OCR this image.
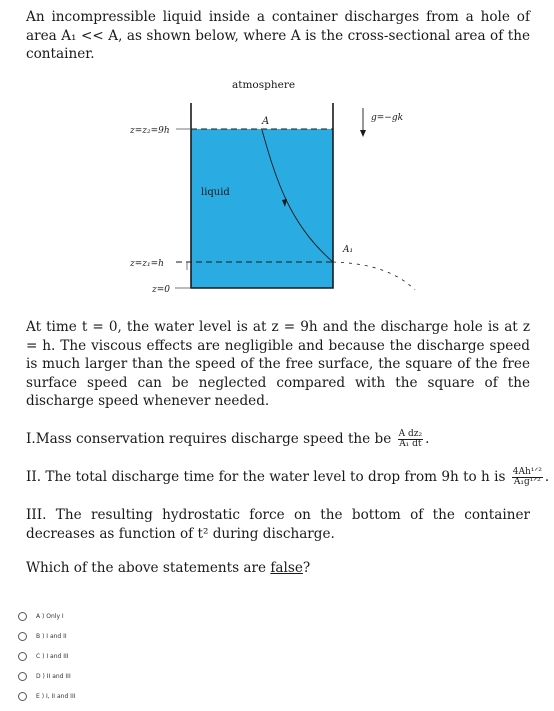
An incompressible liquid inside a container discharges from a hole of area A₁ << A, as shown below, where A is the cross-sectional area of the container.
atmosphere
A
z=z₂=9h
liquid
z=z₁=h
A₁
z=0
g=−gk
At time t = 0, the water level is at z = 9h and the discharge hole is at z = h. The viscous effects are negligible and because the discharge speed is much larger than the speed of the free surface, the square of the free surface speed can be neglected compared with the square of the discharge speed whenever needed.
I.Mass conservation requires discharge speed the be $\frac{\text{A dz₂}}{\text{A₁ dt}}$ .
II. The total discharge time for the water level to drop from 9h to h is $\frac{\text{4Ah¹ᐟ²}}{\text{A₁g¹ᐟ²}}$ .
III. The resulting hydrostatic force on the bottom of the container decreases as function of t² during discharge.
Which of the above statements are false?
A ) Only I
B ) I and II
C ) I and III
D ) II and III
E ) I, II and III
